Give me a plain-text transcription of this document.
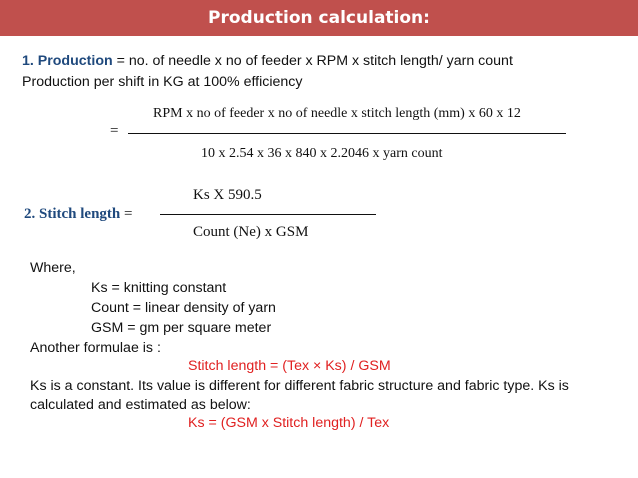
Production calculation:
1. Production = no. of needle x no of feeder x RPM x stitch length/ yarn count
Production per shift in KG at 100% efficiency
=
RPM x no of feeder x no of needle x stitch length (mm) x 60 x 12
10 x 2.54 x 36 x 840 x 2.2046 x yarn count
2. Stitch length =
Ks X 590.5
Count (Ne) x GSM
Where,
Ks = knitting constant
Count = linear density of yarn
GSM = gm per square meter
Another formulae is :
Stitch length = (Tex × Ks) / GSM
Ks is a constant. Its value is different for different fabric structure and fabric type. Ks is
calculated and estimated as below:
Ks = (GSM x Stitch length) / Tex
